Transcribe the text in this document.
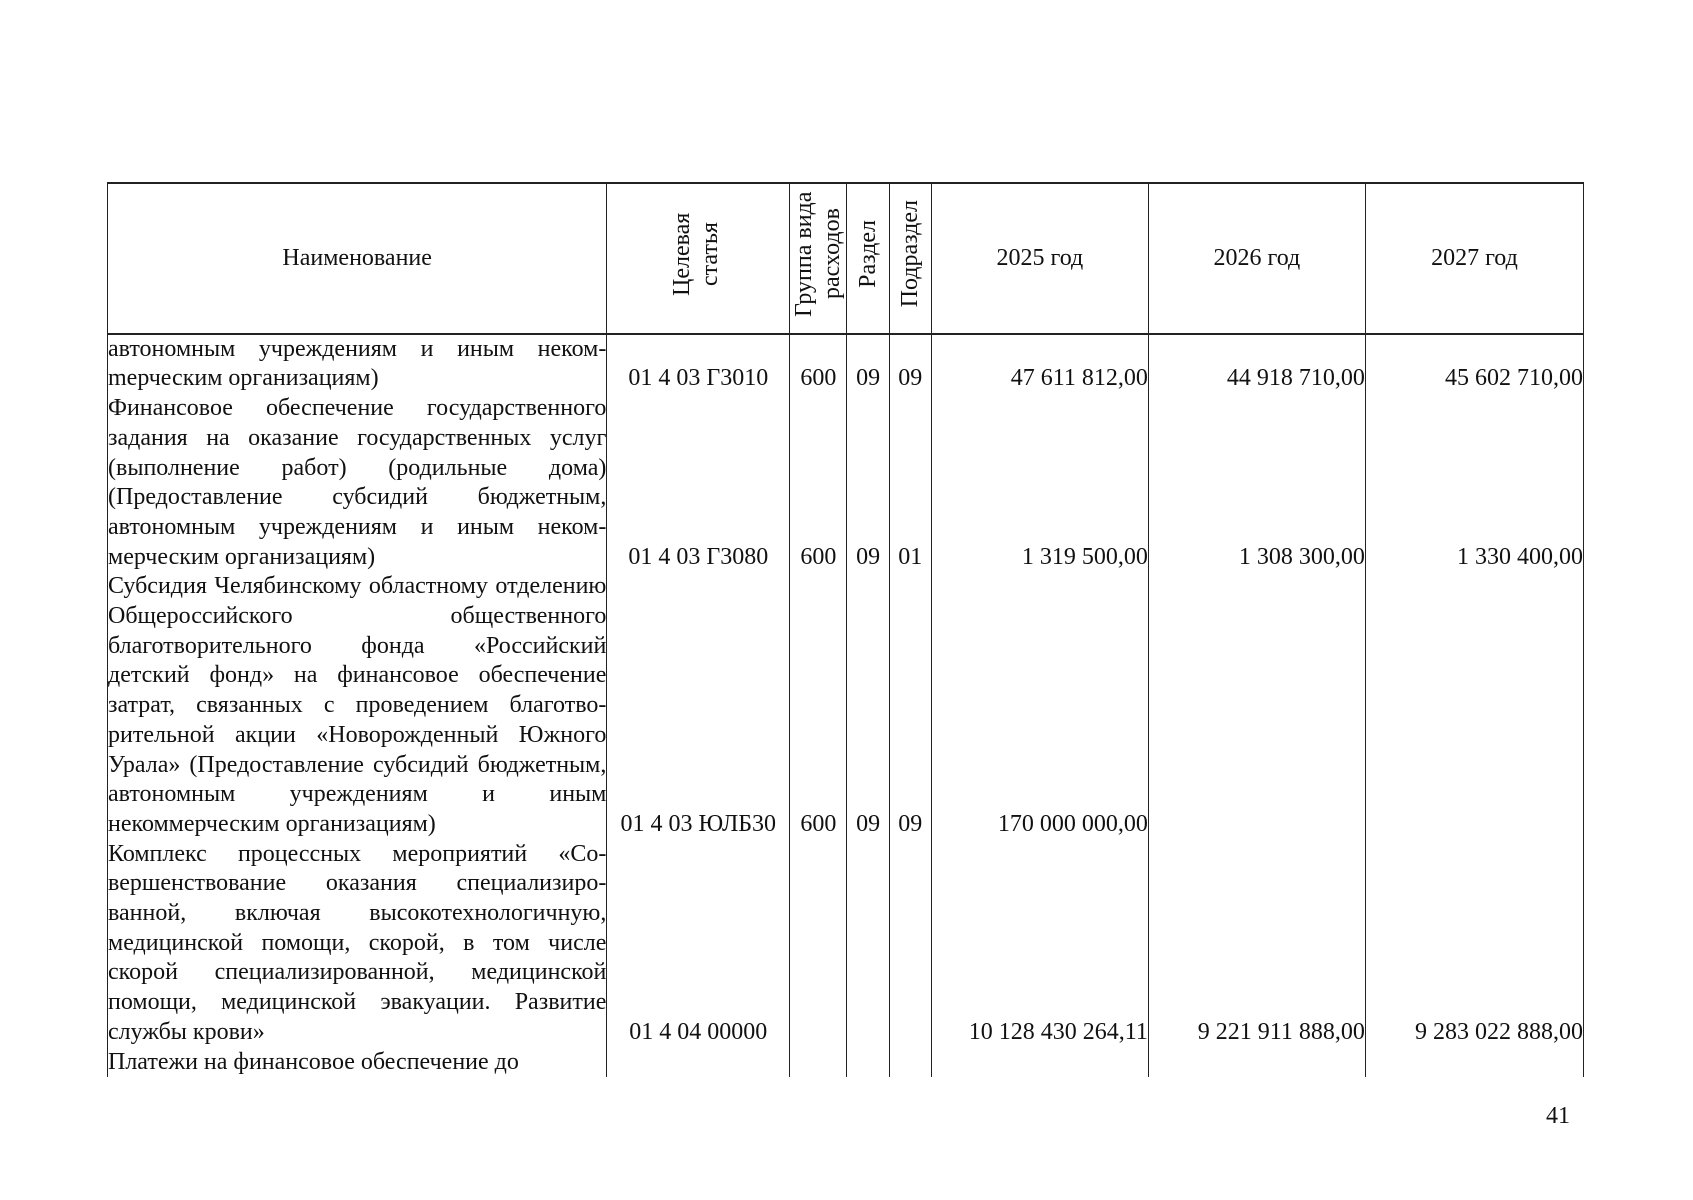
Наименование	Целевая статья	Группа вида расходов	Раздел	Подраздел	2025 год	2026 год	2027 год
автономным учреждениям и иным некомmерческим организациям)	01 4 03 Г3010	600	09	09	47 611 812,00	44 918 710,00	45 602 710,00
Финансовое обеспечение государственного задания на оказание государственных услуг (выполнение работ) (родильные дома) (Предоставление субсидий бюджетным, автономным учреждениям и иным некоммерческим организациям)	01 4 03 Г3080	600	09	01	1 319 500,00	1 308 300,00	1 330 400,00
Субсидия Челябинскому областному отделению Общероссийского общественного благотворительного фонда «Российский детский фонд» на финансовое обеспечение затрат, связанных с проведением благотворительной акции «Новорожденный Южного Урала» (Предоставление субсидий бюджетным, автономным учреждениям и иным некоммерческим организациям)	01 4 03 ЮЛБ30	600	09	09	170 000 000,00		
Комплекс процессных мероприятий «Совершенствование оказания специализированной, включая высокотехнологичную, медицинской помощи, скорой, в том числе скорой специализированной, медицинской помощи, медицинской эвакуации. Развитие службы крови»	01 4 04 00000				10 128 430 264,11	9 221 911 888,00	9 283 022 888,00
Платежи на финансовое обеспечение до							
41
